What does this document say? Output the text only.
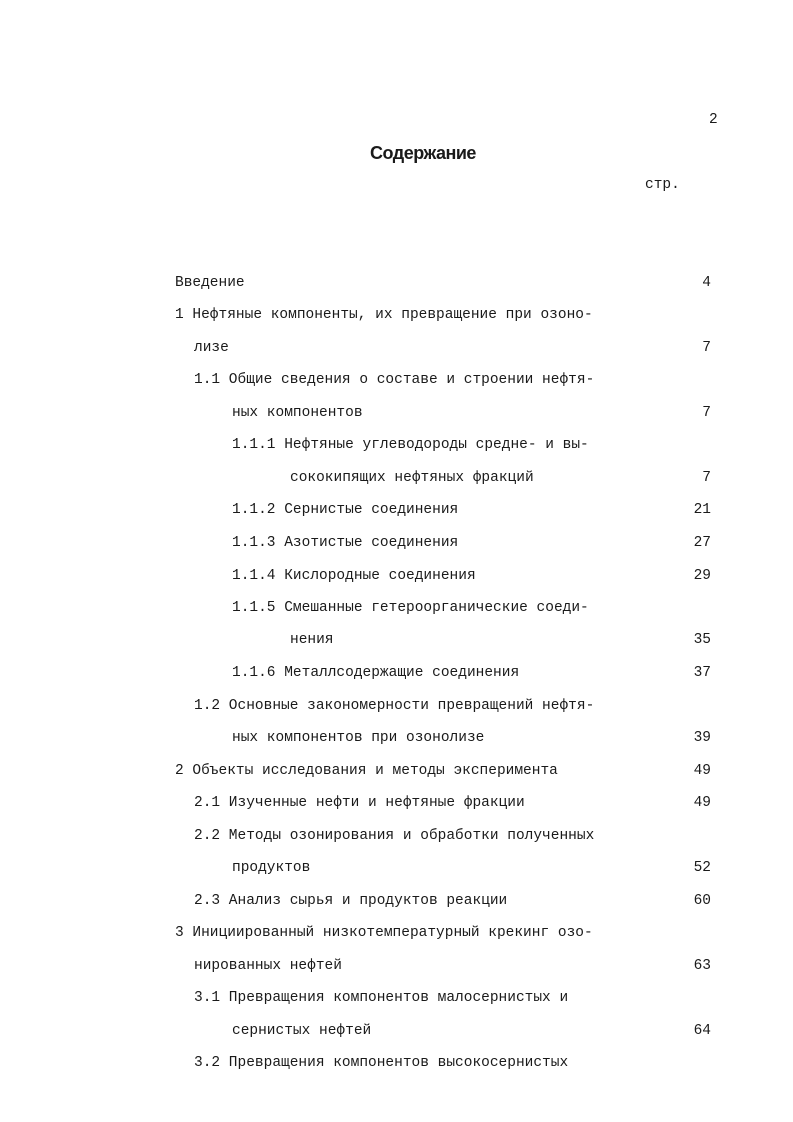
2
Содержание
стр.
Введение	4
1 Нефтяные компоненты, их превращение при озоно-
лизе	7
1.1 Общие сведения о составе и строении нефтя-
ных компонентов	7
1.1.1 Нефтяные углеводороды средне- и вы-
сококипящих нефтяных фракций	7
1.1.2 Сернистые соединения	21
1.1.3 Азотистые соединения	27
1.1.4 Кислородные соединения	29
1.1.5 Смешанные гетероорганические соеди-
нения	35
1.1.6 Металлсодержащие соединения	37
1.2 Основные закономерности превращений нефтя-
ных компонентов при озонолизе	39
2 Объекты исследования и методы эксперимента	49
2.1 Изученные нефти и нефтяные фракции	49
2.2 Методы озонирования и обработки полученных
продуктов	52
2.3 Анализ сырья и продуктов реакции	60
3 Инициированный низкотемпературный крекинг озо-
нированных нефтей	63
3.1 Превращения компонентов малосернистых и
сернистых нефтей	64
3.2 Превращения компонентов высокосернистых
